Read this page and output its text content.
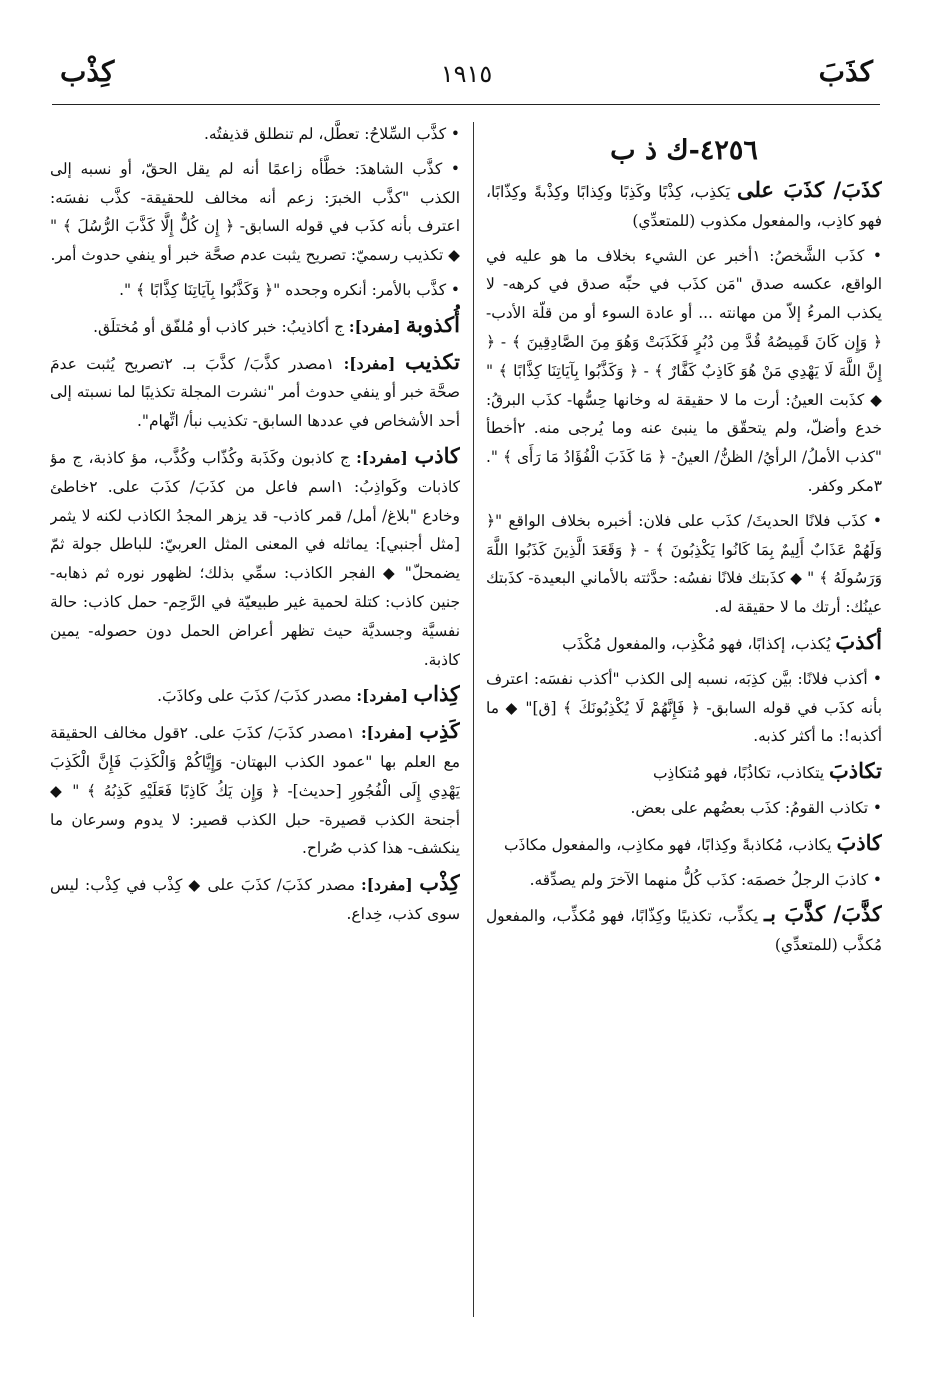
كذَبَ
١٩١٥
كِذْب
٤٢٥٦-ك ذ ب

كذَبَ/ كذَبَ على يَكذِب، كِذْبًا وكَذِبًا وكِذابًا وكِذْبةً وكِذّابًا، فهو كاذِب، والمفعول مكذوب (للمتعدِّي)

• كذَب الشَّخصُ: ١أخبر عن الشيء بخلاف ما هو عليه في الواقع، عكسه صدق "مَن كذَب في حبِّه صدق في كرهه- لا يكذب المرءُ إلاّ من مهانته ... أو عادة السوء أو من قلّة الأدب- ﴿ وَإِن كَانَ قَمِيصُهُ قُدَّ مِن دُبُرٍ فَكَذَبَتْ وَهُوَ مِنَ الصَّادِقِينَ ﴾ - ﴿ إِنَّ اللَّهَ لَا يَهْدِي مَنْ هُوَ كَاذِبٌ كَفَّارٌ ﴾ - ﴿ وَكَذَّبُوا بِآيَاتِنَا كِذَّابًا ﴾ " ◆ كذَبت العينُ: أرت ما لا حقيقة له وخانها حِسُّها- كذَب البرقُ: خدع وأضلّ، ولم يتحقّق ما ينبئ عنه وما يُرجى منه. ٢أخطأ "كذب الأملُ/ الرأيُ/ الظنُّ/ العينُ- ﴿ مَا كَذَبَ الْفُؤَادُ مَا رَأَى ﴾ ". ٣مكر وكفر.

• كذَب فلانًا الحديثَ/ كذَب على فلان: أخبره بخلاف الواقع "﴿ وَلَهُمْ عَذَابٌ أَلِيمٌ بِمَا كَانُوا يَكْذِبُونَ ﴾ - ﴿ وَقَعَدَ الَّذِينَ كَذَبُوا اللَّهَ وَرَسُولَهُ ﴾ " ◆ كذَبتك فلانًا نفسُه: حدَّثته بالأماني البعيدة- كذَبتك عينُك: أرتك ما لا حقيقة له.

أكذبَ يُكذب، إكذابًا، فهو مُكْذِب، والمفعول مُكْذَب

• أكذب فلانًا: بيَّن كذِبَه، نسبه إلى الكذب "أكذب نفسَه: اعترف بأنه كذَب في قوله السابق- ﴿ فَإِنَّهُمْ لَا يُكْذِبُونَكَ ﴾ [ق]" ◆ ما أكذبه!: ما أكثر كذبه.

تكاذبَ يتكاذب، تكاذُبًا، فهو مُتكاذِب

• تكاذب القومُ: كذَب بعضُهم على بعض.

كاذبَ يكاذب، مُكاذبةً وكِذابًا، فهو مكاذِب، والمفعول مكاذَب

• كاذبَ الرجلُ خصمَه: كذَب كُلُّ منهما الآخرَ ولم يصدِّقه.

كذَّبَ/ كذَّبَ بـ يكذِّب، تكذيبًا وكِذّابًا، فهو مُكذِّب، والمفعول مُكذَّب (للمتعدِّي)

• كذَّب السِّلاحُ: تعطَّل، لم تنطلق قذيفتُه.

• كذَّب الشاهدَ: خطَّأه زاعمًا أنه لم يقل الحقّ، أو نسبه إلى الكذب "كذَّب الخبرَ: زعم أنه مخالف للحقيقة- كذَّب نفسَه: اعترف بأنه كذَب في قوله السابق- ﴿ إِن كُلٌّ إِلَّا كَذَّبَ الرُّسُلَ ﴾ " ◆ تكذيب رسميّ: تصريح يثبت عدم صحَّة خبر أو ينفي حدوث أمر.

• كذَّب بالأمر: أنكره وجحده "﴿ وَكَذَّبُوا بِآيَاتِنَا كِذَّابًا ﴾ ".

أُكذوبة [مفرد]: ج أكاذيبُ: خبر كاذب أو مُلفّق أو مُختلَق.

تكذيب [مفرد]: ١مصدر كذَّبَ/ كذَّبَ بـ. ٢تصريح يُثبت عدمَ صحَّة خبر أو ينفي حدوث أمر "نشرت المجلة تكذيبًا لما نسبته إلى أحد الأشخاص في عددها السابق- تكذيب نبأ/ اتِّهام".

كاذب [مفرد]: ج كاذبون وكَذَبة وكُذّاب وكُذَّب، مؤ كاذبة، ج مؤ كاذبات وكَواذِبُ: ١اسم فاعل من كذَبَ/ كذَبَ على. ٢خاطئ وخادع "بلاغ/ أمل/ قمر كاذب- قد يزهر المجدُ الكاذب لكنه لا يثمر [مثل أجنبي]: يماثله في المعنى المثل العربيّ: للباطل جولة ثمّ يضمحلّ" ◆ الفجر الكاذب: سمِّي بذلك؛ لظهور نوره ثم ذهابه- جنين كاذب: كتلة لحمية غير طبيعيّة في الرَّحِم- حمل كاذب: حالة نفسيَّة وجسديَّة حيث تظهر أعراض الحمل دون حصوله- يمين كاذبة.

كِذاب [مفرد]: مصدر كذَبَ/ كذَبَ على وكاذَبَ.

كَذِب [مفرد]: ١مصدر كذَبَ/ كذَبَ على. ٢قول مخالف الحقيقة مع العلم بها "عمود الكذب البهتان- وَإِيَّاكُمْ وَالْكَذِبَ فَإِنَّ الْكَذِبَ يَهْدِي إِلَى الْفُجُورِ [حديث]- ﴿ وَإِن يَكُ كَاذِبًا فَعَلَيْهِ كَذِبُهُ ﴾ " ◆ أجنحة الكذب قصيرة- حبل الكذب قصير: لا يدوم وسرعان ما ينكشف- هذا كذب صُراح.

كِذْب [مفرد]: مصدر كذَبَ/ كذَبَ على ◆ كِذْب في كِذْب: ليس سوى كذب، خِداع.
